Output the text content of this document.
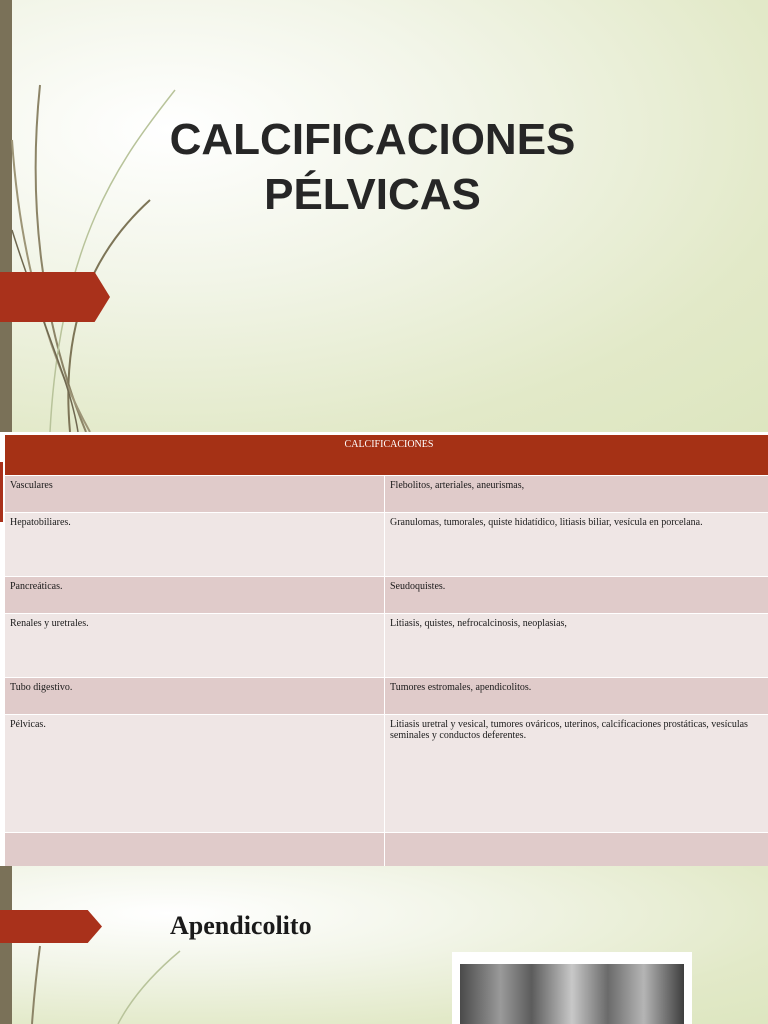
CALCIFICACIONES
PÉLVICAS
CALCIFICACIONES	
Vasculares	Flebolitos, arteriales, aneurismas,
Hepatobiliares.	Granulomas, tumorales, quiste hidatídico, litiasis biliar, vesícula en porcelana.
Pancreáticas.	Seudoquistes.
Renales y uretrales.	Litiasis, quistes, nefrocalcinosis, neoplasias,
Tubo digestivo.	Tumores estromales, apendicolitos.
Pélvicas.	Litiasis uretral y vesical, tumores ováricos, uterinos, calcificaciones prostáticas, vesículas seminales y conductos deferentes.

Apendicolito
